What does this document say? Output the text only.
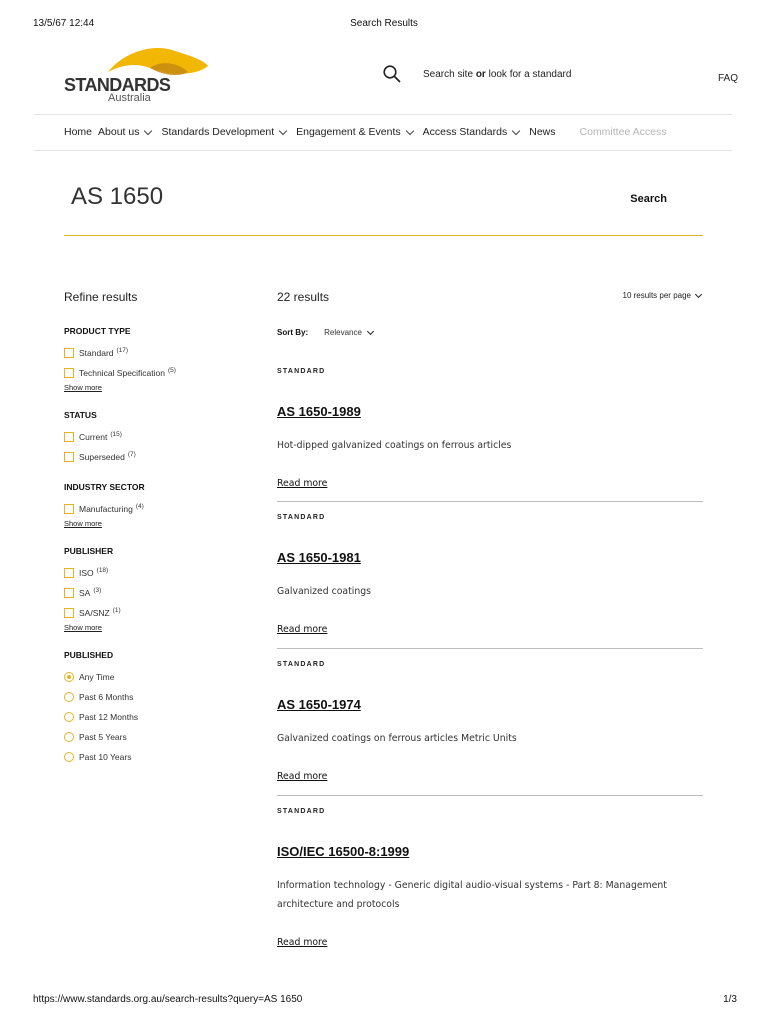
13/5/67 12:44	Search Results
STANDARDS
Australia
Search site or look for a standard	FAQ
Home About us Standards Development Engagement & Events Access Standards News Committee Access
AS 1650	Search
Refine results
PRODUCT TYPE
Standard (17)
Technical Specification (5)
Show more
STATUS
Current (15)
Superseded (7)
INDUSTRY SECTOR
Manufacturing (4)
Show more
PUBLISHER
ISO (18)
SA (3)
SA/SNZ (1)
Show more
PUBLISHED
Any Time
Past 6 Months
Past 12 Months
Past 5 Years
Past 10 Years
22 results	10 results per page
Sort By: Relevance
STANDARD
AS 1650-1989
Hot-dipped galvanized coatings on ferrous articles
Read more
STANDARD
AS 1650-1981
Galvanized coatings
Read more
STANDARD
AS 1650-1974
Galvanized coatings on ferrous articles Metric Units
Read more
STANDARD
ISO/IEC 16500-8:1999
Information technology - Generic digital audio-visual systems - Part 8: Management architecture and protocols
Read more
https://www.standards.org.au/search-results?query=AS 1650	1/3
